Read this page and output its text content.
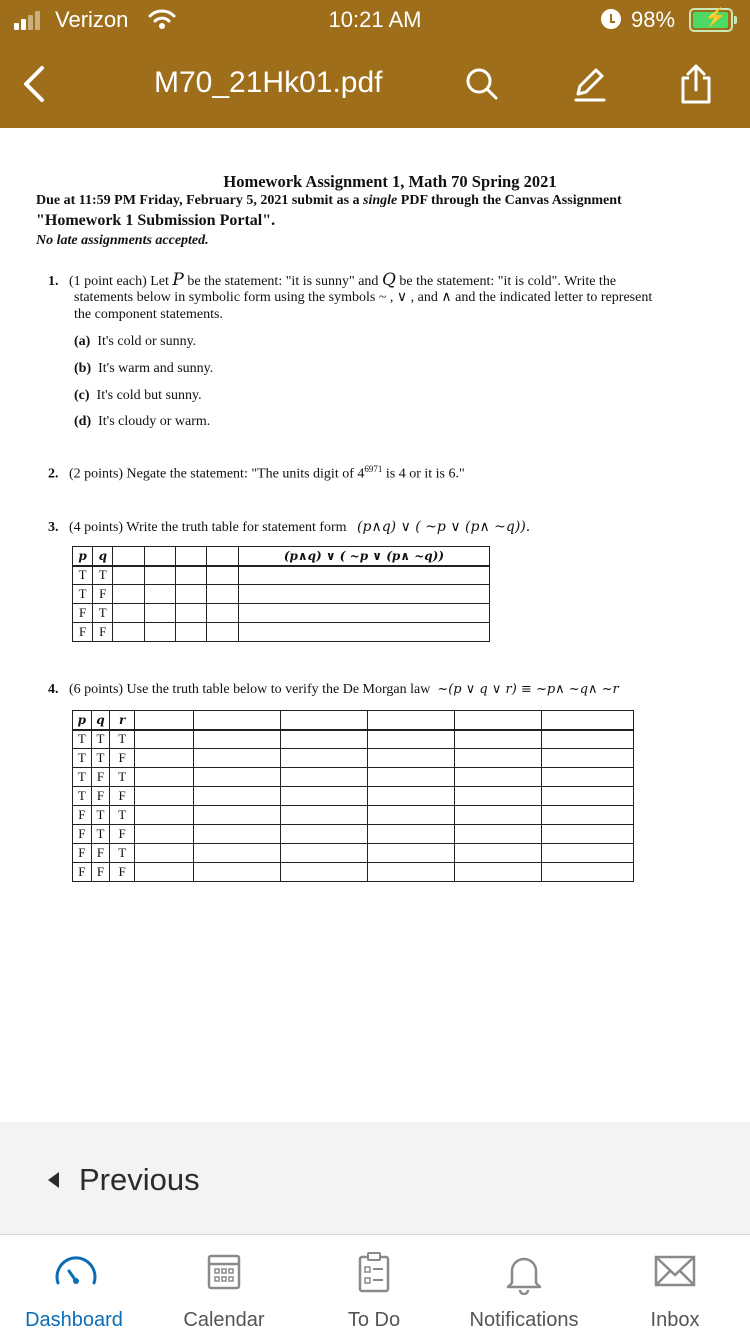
Verizon	10:21 AM	98% ⚡
M70_21Hk01.pdf
Homework Assignment 1, Math 70 Spring 2021
Due at 11:59 PM Friday, February 5, 2021 submit as a single PDF through the Canvas Assignment
"Homework 1 Submission Portal".
No late assignments accepted.
1. (1 point each) Let P be the statement: "it is sunny" and Q be the statement: "it is cold". Write the
statements below in symbolic form using the symbols ~ , ∨ , and ∧ and the indicated letter to represent
the component statements.
(a) It's cold or sunny.
(b) It's warm and sunny.
(c) It's cold but sunny.
(d) It's cloudy or warm.
2. (2 points) Negate the statement: "The units digit of $4^{6971}$ is 4 or it is 6."
3. (4 points) Write the truth table for statement form (p∧q) ∨ ( ~p ∨ (p∧ ~q)).
p	q					(p∧q) ∨ ( ~p ∨ (p∧ ~q))
T	T					
T	F					
F	T					
F	F					
4. (6 points) Use the truth table below to verify the De Morgan law ~(p ∨ q ∨ r) ≡ ~p∧ ~q∧ ~r
p	q	r						
T	T	T						
T	T	F						
T	F	T						
T	F	F						
F	T	T						
F	T	F						
F	F	T						
F	F	F						
Previous
Dashboard	Calendar	To Do	Notifications	Inbox
